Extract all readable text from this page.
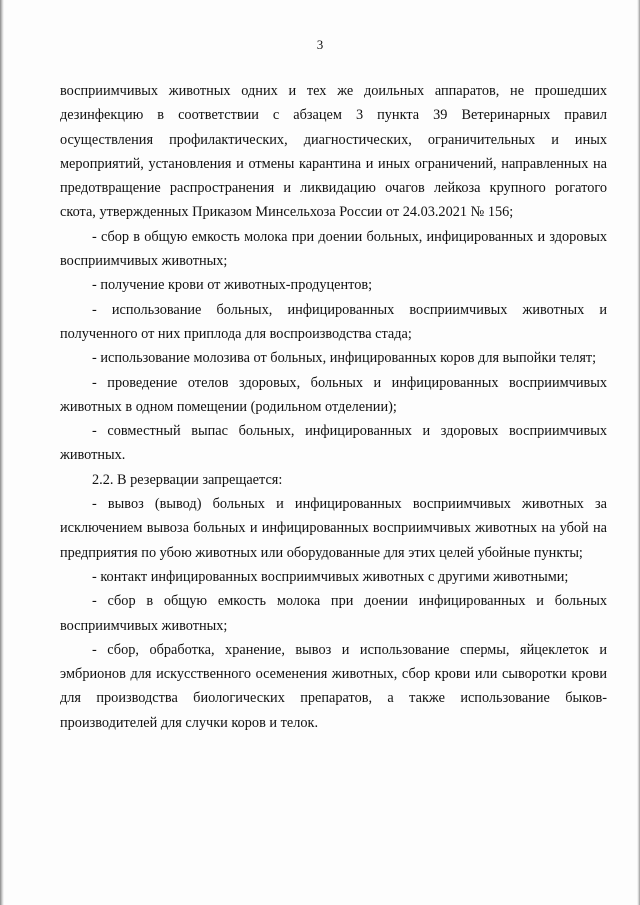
3

восприимчивых животных одних и тех же доильных аппаратов, не прошедших дезинфекцию в соответствии с абзацем 3 пункта 39 Ветеринарных правил осуществления профилактических, диагностических, ограничительных и иных мероприятий, установления и отмены карантина и иных ограничений, направленных на предотвращение распространения и ликвидацию очагов лейкоза крупного рогатого скота, утвержденных Приказом Минсельхоза России от 24.03.2021 № 156;

- сбор в общую емкость молока при доении больных, инфицированных и здоровых восприимчивых животных;

- получение крови от животных-продуцентов;

- использование больных, инфицированных восприимчивых животных и полученного от них приплода для воспроизводства стада;

- использование молозива от больных, инфицированных коров для выпойки телят;

- проведение отелов здоровых, больных и инфицированных восприимчивых животных в одном помещении (родильном отделении);

- совместный выпас больных, инфицированных и здоровых восприимчивых животных.

2.2. В резервации запрещается:

- вывоз (вывод) больных и инфицированных восприимчивых животных за исключением вывоза больных и инфицированных восприимчивых животных на убой на предприятия по убою животных или оборудованные для этих целей убойные пункты;

- контакт инфицированных восприимчивых животных с другими животными;

- сбор в общую емкость молока при доении инфицированных и больных восприимчивых животных;

- сбор, обработка, хранение, вывоз и использование спермы, яйцеклеток и эмбрионов для искусственного осеменения животных, сбор крови или сыворотки крови для производства биологических препаратов, а также использование быков-производителей для случки коров и телок.
